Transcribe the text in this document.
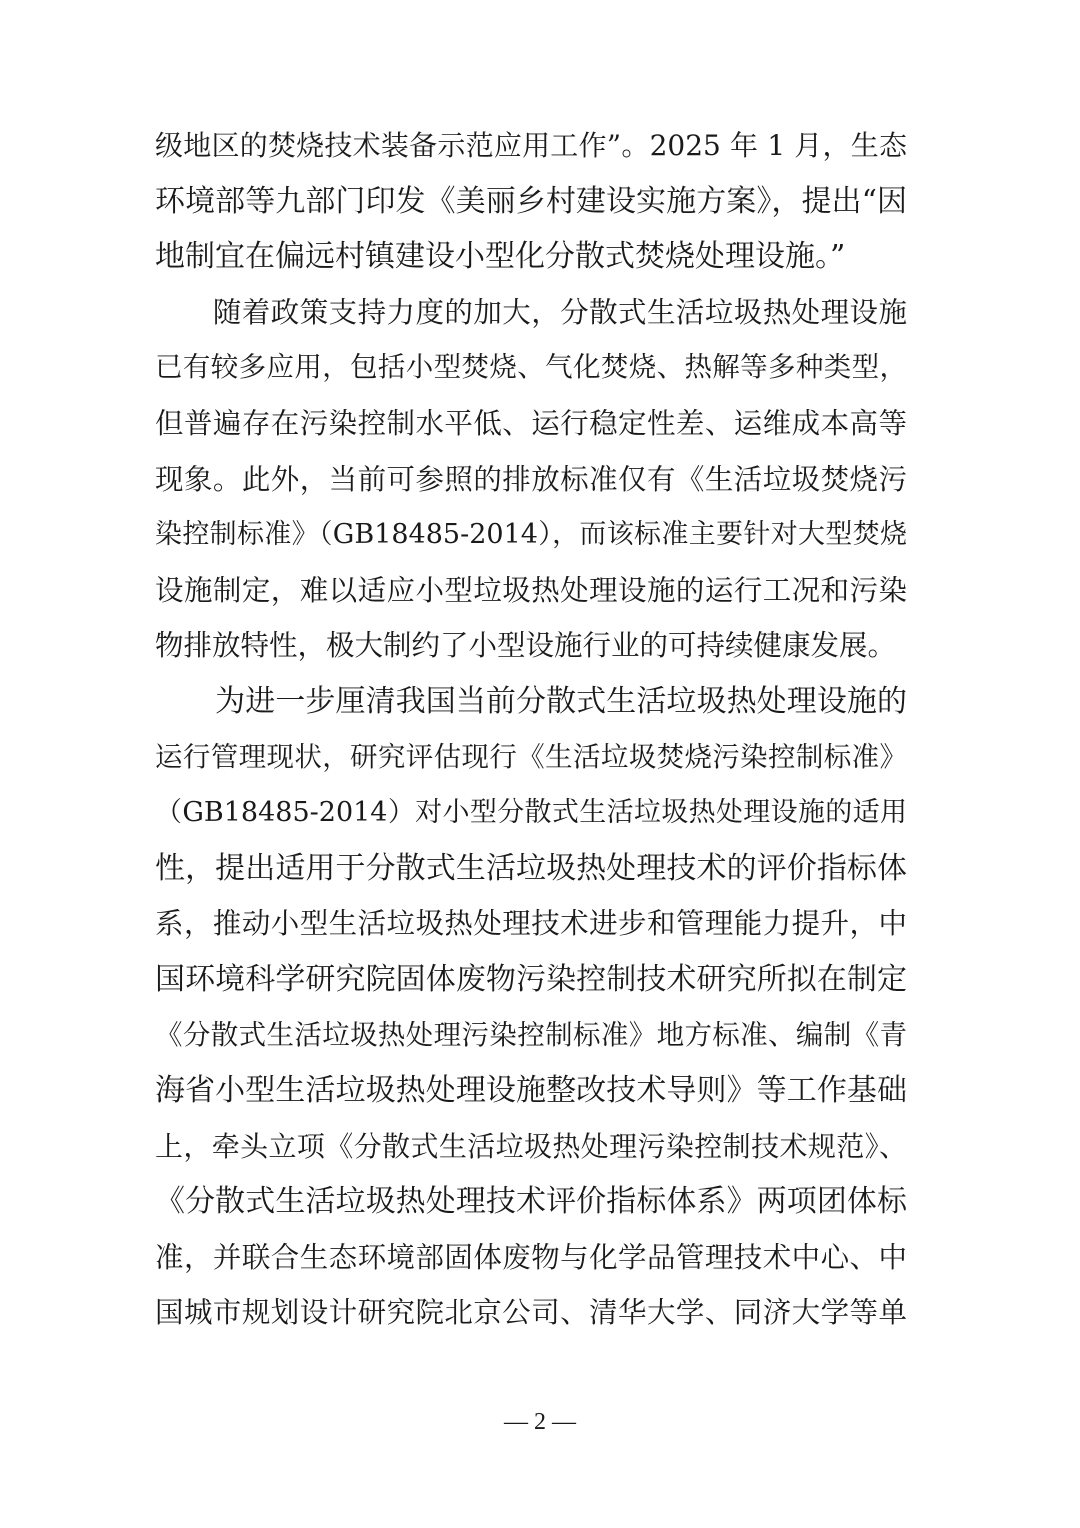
级地区的焚烧技术装备示范应用工作”。2025 年 1 月，生态
环境部等九部门印发《美丽乡村建设实施方案》，提出“因
地制宜在偏远村镇建设小型化分散式焚烧处理设施。”
　　随着政策支持力度的加大，分散式生活垃圾热处理设施
已有较多应用，包括小型焚烧、气化焚烧、热解等多种类型，
但普遍存在污染控制水平低、运行稳定性差、运维成本高等
现象。此外，当前可参照的排放标准仅有《生活垃圾焚烧污
染控制标准》（GB18485-2014），而该标准主要针对大型焚烧
设施制定，难以适应小型垃圾热处理设施的运行工况和污染
物排放特性，极大制约了小型设施行业的可持续健康发展。
　　为进一步厘清我国当前分散式生活垃圾热处理设施的
运行管理现状，研究评估现行《生活垃圾焚烧污染控制标准》
（GB18485-2014）对小型分散式生活垃圾热处理设施的适用
性，提出适用于分散式生活垃圾热处理技术的评价指标体
系，推动小型生活垃圾热处理技术进步和管理能力提升，中
国环境科学研究院固体废物污染控制技术研究所拟在制定
《分散式生活垃圾热处理污染控制标准》地方标准、编制《青
海省小型生活垃圾热处理设施整改技术导则》等工作基础
上，牵头立项《分散式生活垃圾热处理污染控制技术规范》、
《分散式生活垃圾热处理技术评价指标体系》两项团体标
准，并联合生态环境部固体废物与化学品管理技术中心、中
国城市规划设计研究院北京公司、清华大学、同济大学等单
— 2 —
